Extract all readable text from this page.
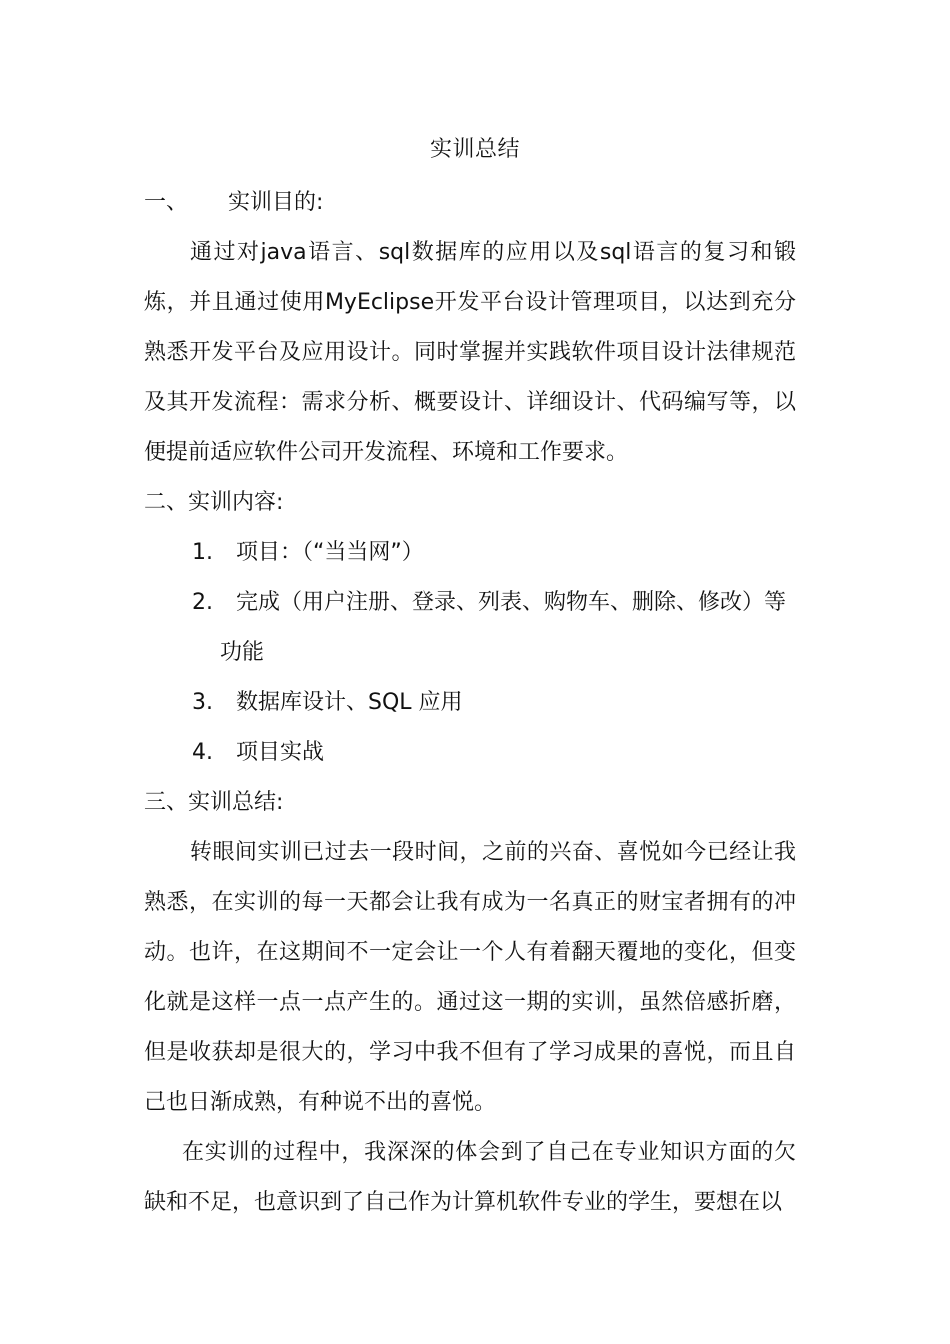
实训总结

一、 实训目的:

通过对java语言、sql数据库的应用以及sql语言的复习和锻炼，并且通过使用MyEclipse开发平台设计管理项目，以达到充分熟悉开发平台及应用设计。同时掌握并实践软件项目设计法律规范及其开发流程：需求分析、概要设计、详细设计、代码编写等，以便提前适应软件公司开发流程、环境和工作要求。

二、实训内容:

1. 项目：（“当当网”）
2. 完成（用户注册、登录、列表、购物车、删除、修改）等
功能
3. 数据库设计、SQL 应用
4. 项目实战

三、实训总结:

转眼间实训已过去一段时间，之前的兴奋、喜悦如今已经让我熟悉，在实训的每一天都会让我有成为一名真正的财宝者拥有的冲动。也许，在这期间不一定会让一个人有着翻天覆地的变化，但变化就是这样一点一点产生的。通过这一期的实训，虽然倍感折磨，但是收获却是很大的，学习中我不但有了学习成果的喜悦，而且自己也日渐成熟，有种说不出的喜悦。

在实训的过程中，我深深的体会到了自己在专业知识方面的欠缺和不足，也意识到了自己作为计算机软件专业的学生，要想在以
